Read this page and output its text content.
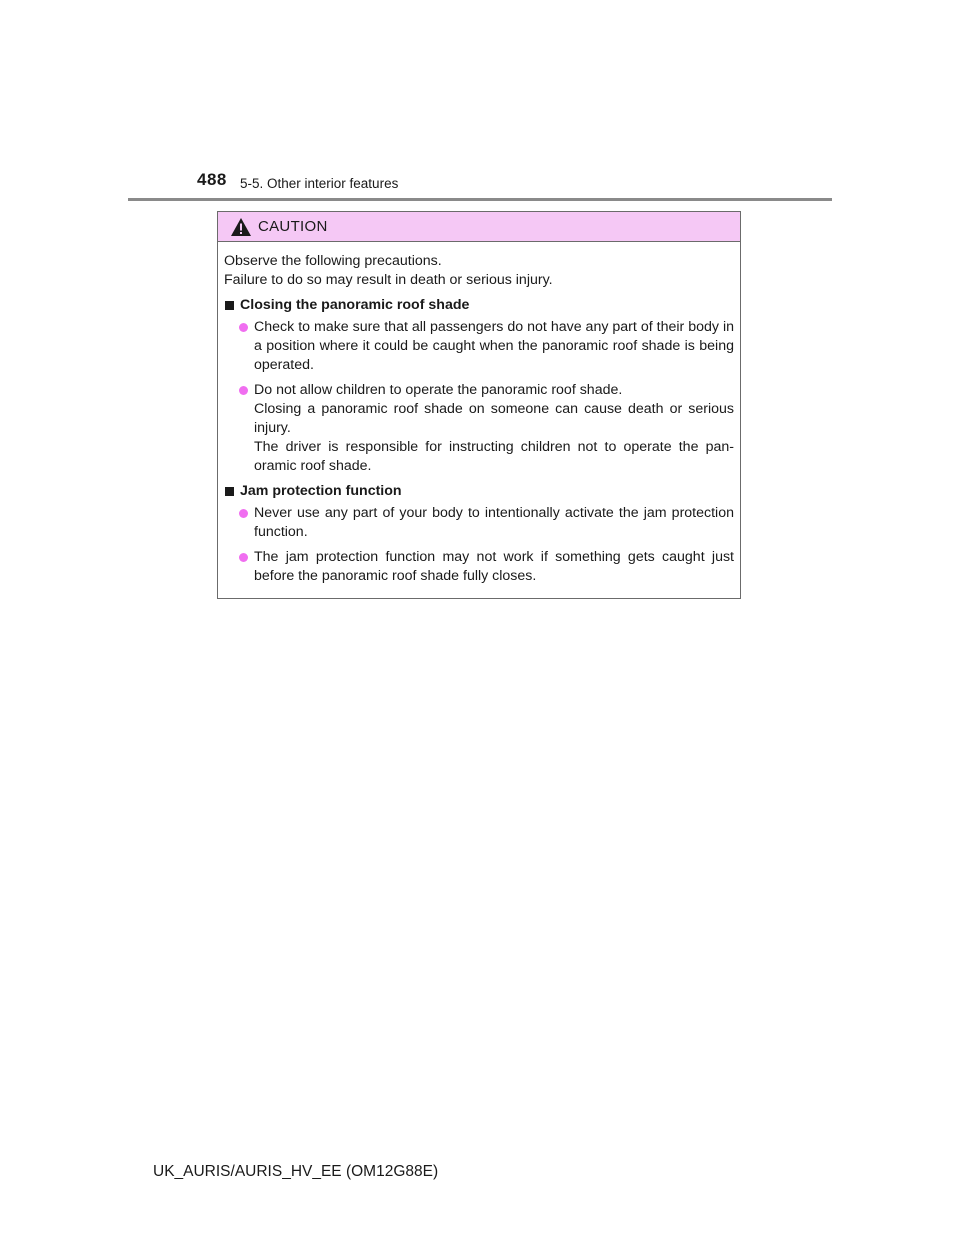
488 5-5. Other interior features
CAUTION

Observe the following precautions.

Failure to do so may result in death or serious injury.

Closing the panoramic roof shade
Check to make sure that all passengers do not have any part of their body in a position where it could be caught when the panoramic roof shade is being operated.
Do not allow children to operate the panoramic roof shade.
Closing a panoramic roof shade on someone can cause death or serious injury.
The driver is responsible for instructing children not to operate the pan-oramic roof shade.
Jam protection function
Never use any part of your body to intentionally activate the jam protection function.
The jam protection function may not work if something gets caught just before the panoramic roof shade fully closes.
UK_AURIS/AURIS_HV_EE (OM12G88E)
